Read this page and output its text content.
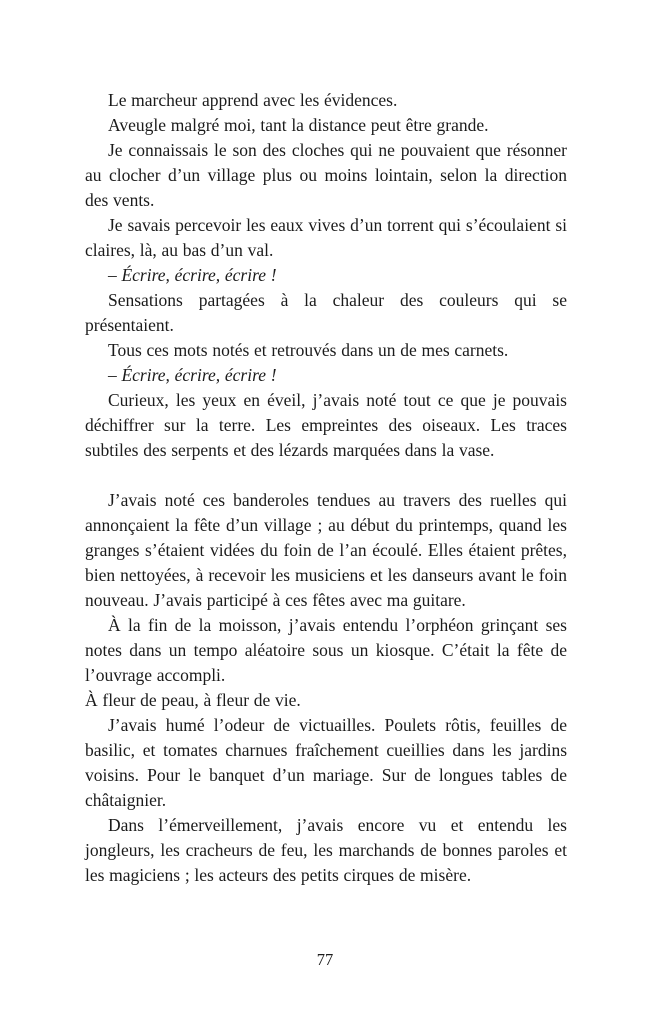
Le marcheur apprend avec les évidences.

Aveugle malgré moi, tant la distance peut être grande.

Je connaissais le son des cloches qui ne pouvaient que résonner au clocher d’un village plus ou moins lointain, selon la direction des vents.

Je savais percevoir les eaux vives d’un torrent qui s’écoulaient si claires, là, au bas d’un val.

– Écrire, écrire, écrire !

Sensations partagées à la chaleur des couleurs qui se présentaient.

Tous ces mots notés et retrouvés dans un de mes carnets.

– Écrire, écrire, écrire !

Curieux, les yeux en éveil, j’avais noté tout ce que je pouvais déchiffrer sur la terre. Les empreintes des oiseaux. Les traces subtiles des serpents et des lézards marquées dans la vase.

J’avais noté ces banderoles tendues au travers des ruelles qui annonçaient la fête d’un village ; au début du printemps, quand les granges s’étaient vidées du foin de l’an écoulé. Elles étaient prêtes, bien nettoyées, à recevoir les musiciens et les danseurs avant le foin nouveau. J’avais participé à ces fêtes avec ma guitare.

À la fin de la moisson, j’avais entendu l’orphéon grinçant ses notes dans un tempo aléatoire sous un kiosque. C’était la fête de l’ouvrage accompli.

À fleur de peau, à fleur de vie.

J’avais humé l’odeur de victuailles. Poulets rôtis, feuilles de basilic, et tomates charnues fraîchement cueillies dans les jardins voisins. Pour le banquet d’un mariage. Sur de longues tables de châtaignier.

Dans l’émerveillement, j’avais encore vu et entendu les jongleurs, les cracheurs de feu, les marchands de bonnes paroles et les magiciens ; les acteurs des petits cirques de misère.

77
